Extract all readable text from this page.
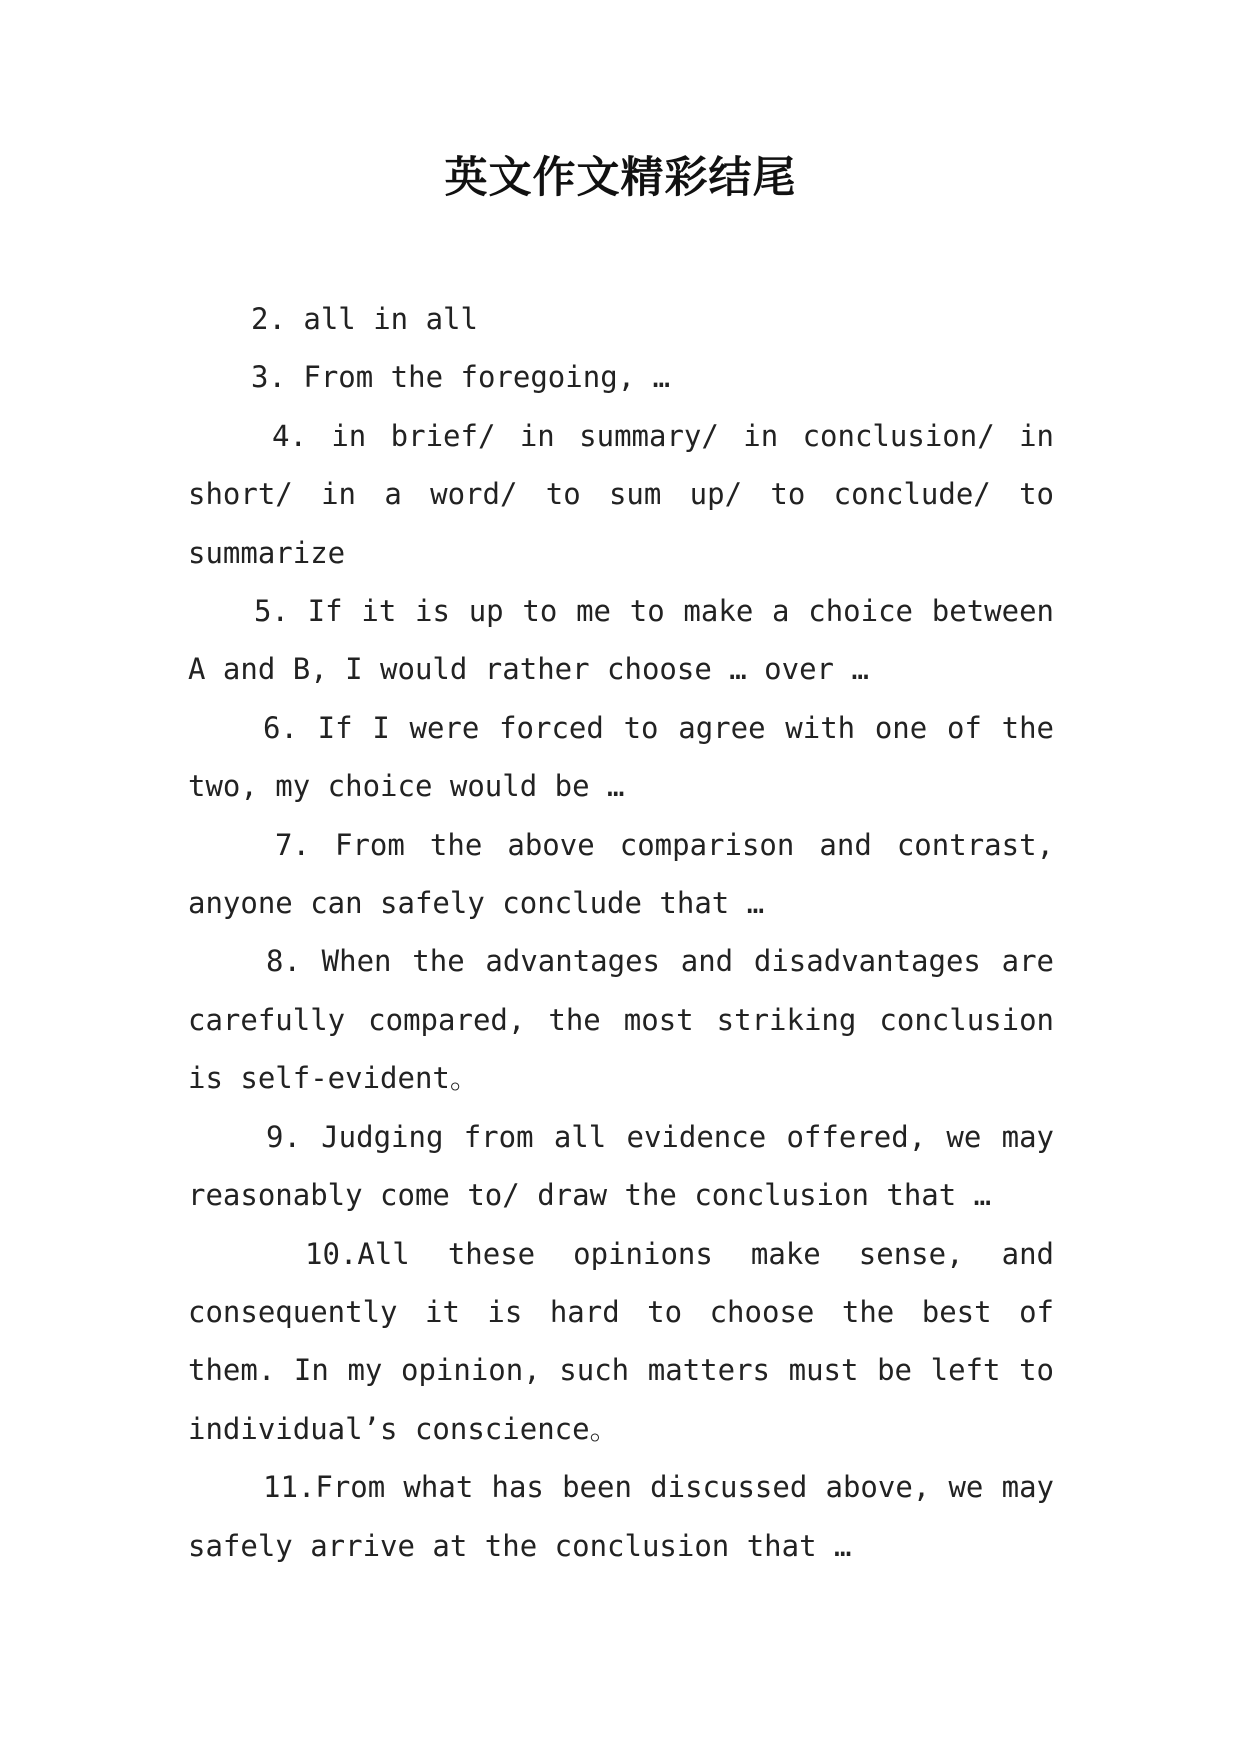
英文作文精彩结尾

2. all in all

3. From the foregoing, …

4. in brief/ in summary/ in conclusion/ in short/ in a word/ to sum up/ to conclude/ to summarize

5. If it is up to me to make a choice between A and B, I would rather choose … over …

6. If I were forced to agree with one of the two, my choice would be …

7. From the above comparison and contrast, anyone can safely conclude that …

8. When the advantages and disadvantages are carefully compared, the most striking conclusion is self-evident。

9. Judging from all evidence offered, we may reasonably come to/ draw the conclusion that …

10.All these opinions make sense, and consequently it is hard to choose the best of them. In my opinion, such matters must be left to individual’s conscience。

11.From what has been discussed above, we may safely arrive at the conclusion that …
